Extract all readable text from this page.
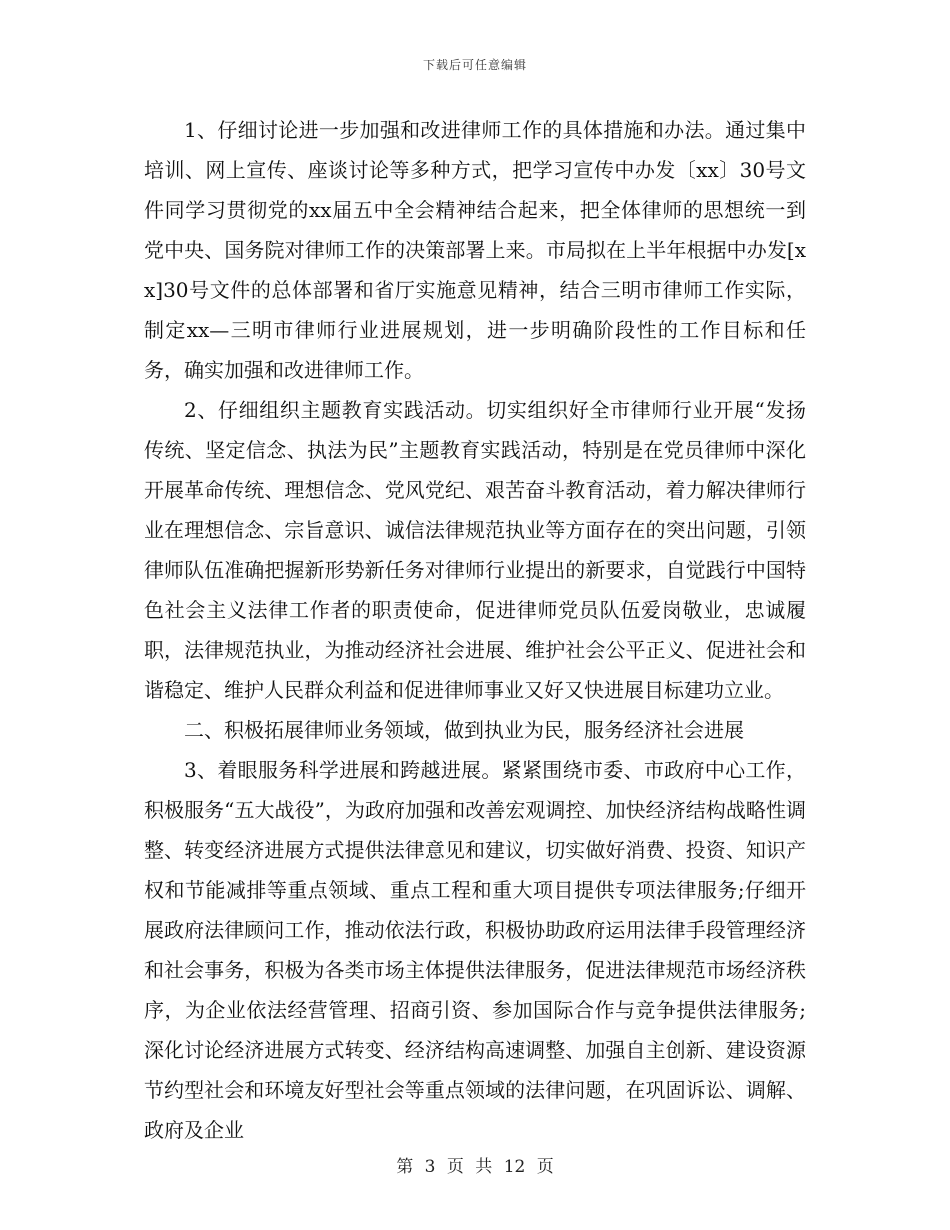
下载后可任意编辑

1、仔细讨论进一步加强和改进律师工作的具体措施和办法。通过集中培训、网上宣传、座谈讨论等多种方式，把学习宣传中办发〔xx〕30号文件同学习贯彻党的xx届五中全会精神结合起来，把全体律师的思想统一到党中央、国务院对律师工作的决策部署上来。市局拟在上半年根据中办发[xx]30号文件的总体部署和省厅实施意见精神，结合三明市律师工作实际，制定xx—三明市律师行业进展规划，进一步明确阶段性的工作目标和任务，确实加强和改进律师工作。

2、仔细组织主题教育实践活动。切实组织好全市律师行业开展“发扬传统、坚定信念、执法为民”主题教育实践活动，特别是在党员律师中深化开展革命传统、理想信念、党风党纪、艰苦奋斗教育活动，着力解决律师行业在理想信念、宗旨意识、诚信法律规范执业等方面存在的突出问题，引领律师队伍准确把握新形势新任务对律师行业提出的新要求，自觉践行中国特色社会主义法律工作者的职责使命，促进律师党员队伍爱岗敬业，忠诚履职，法律规范执业，为推动经济社会进展、维护社会公平正义、促进社会和谐稳定、维护人民群众利益和促进律师事业又好又快进展目标建功立业。

二、积极拓展律师业务领域，做到执业为民，服务经济社会进展

3、着眼服务科学进展和跨越进展。紧紧围绕市委、市政府中心工作，积极服务“五大战役”，为政府加强和改善宏观调控、加快经济结构战略性调整、转变经济进展方式提供法律意见和建议，切实做好消费、投资、知识产权和节能减排等重点领域、重点工程和重大项目提供专项法律服务;仔细开展政府法律顾问工作，推动依法行政，积极协助政府运用法律手段管理经济和社会事务，积极为各类市场主体提供法律服务，促进法律规范市场经济秩序，为企业依法经营管理、招商引资、参加国际合作与竞争提供法律服务;深化讨论经济进展方式转变、经济结构高速调整、加强自主创新、建设资源节约型社会和环境友好型社会等重点领域的法律问题，在巩固诉讼、调解、政府及企业

第 3 页 共 12 页
